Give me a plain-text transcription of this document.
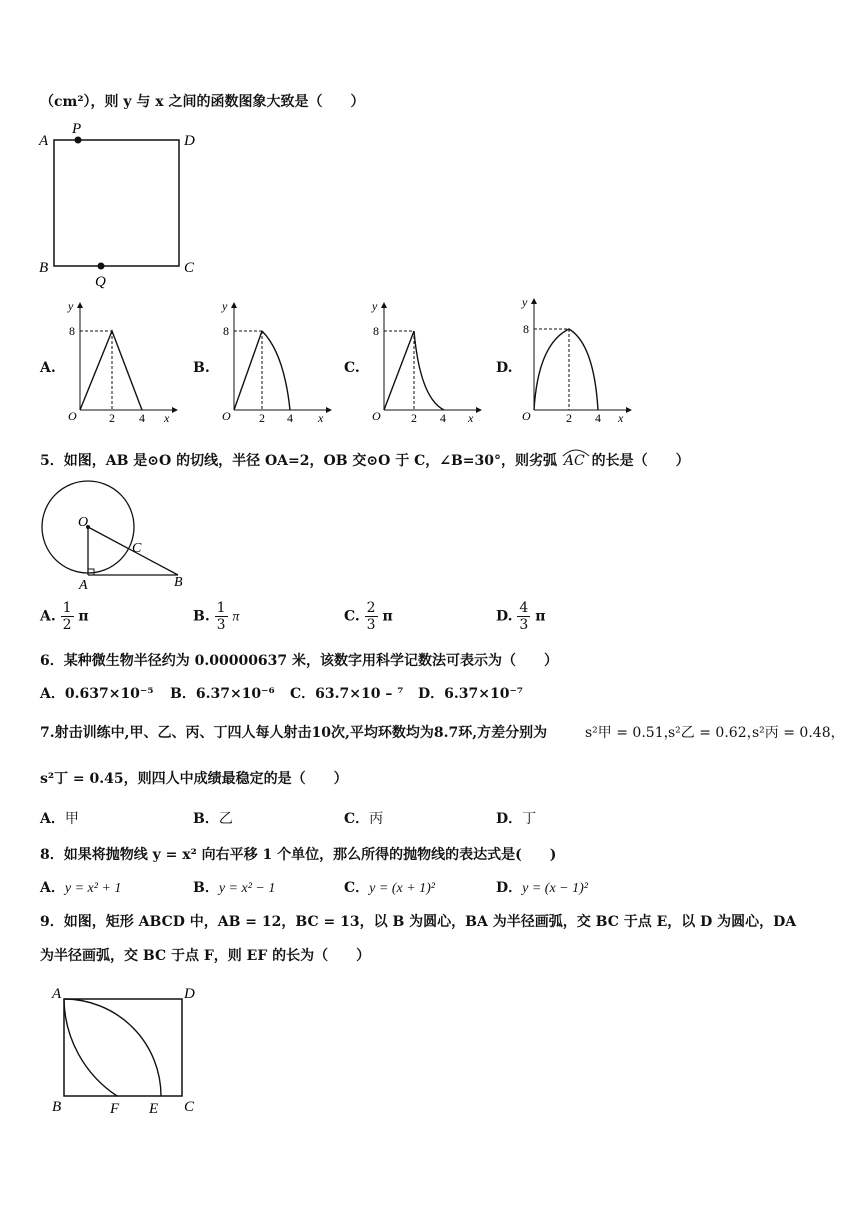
（cm²），则 y 与 x 之间的函数图象大致是（　　）
A
P
D
B
Q
C
A.
y
8
O	2 4 x
B.
y
8
O 2 4 x
C.
y
8
O	2 4 x
D.
y
8
O	2 4 x
5．如图，AB 是⊙O 的切线，半径 OA=2，OB 交⊙O 于 C，∠B=30°，则劣弧 AC 的长是（　　）
O
C
A	B
A. $\frac{1}{2}$ π	B. $\frac{1}{3}$ π	C. $\frac{2}{3}$ π	D. $\frac{4}{3}$ π
6．某种微生物半径约为 0.00000637 米，该数字用科学记数法可表示为（　　）
A．0.637×10⁻⁵ B．6.37×10⁻⁶ C．63.7×10 – ⁷ D．6.37×10⁻⁷
7.射击训练中,甲、乙、丙、丁四人每人射击10次,平均环数均为8.7环,方差分别为	s²甲 = 0.51，
s²乙 = 0.62，
s²丙 = 0.48，
s²丁 = 0.45，则四人中成绩最稳定的是（　　）
A．甲	B．乙	C．丙	D．丁
8．如果将抛物线 y = x² 向右平移 1 个单位，那么所得的抛物线的表达式是(　　)
A．y = x² + 1	B．y = x² − 1	C．y = (x + 1)²	D．y = (x − 1)²
9．如图，矩形 ABCD 中，AB = 12，BC = 13，以 B 为圆心，BA 为半径画弧，交 BC 于点 E，以 D 为圆心，DA
为半径画弧，交 BC 于点 F，则 EF 的长为（　　）
A	D
B	F E C
